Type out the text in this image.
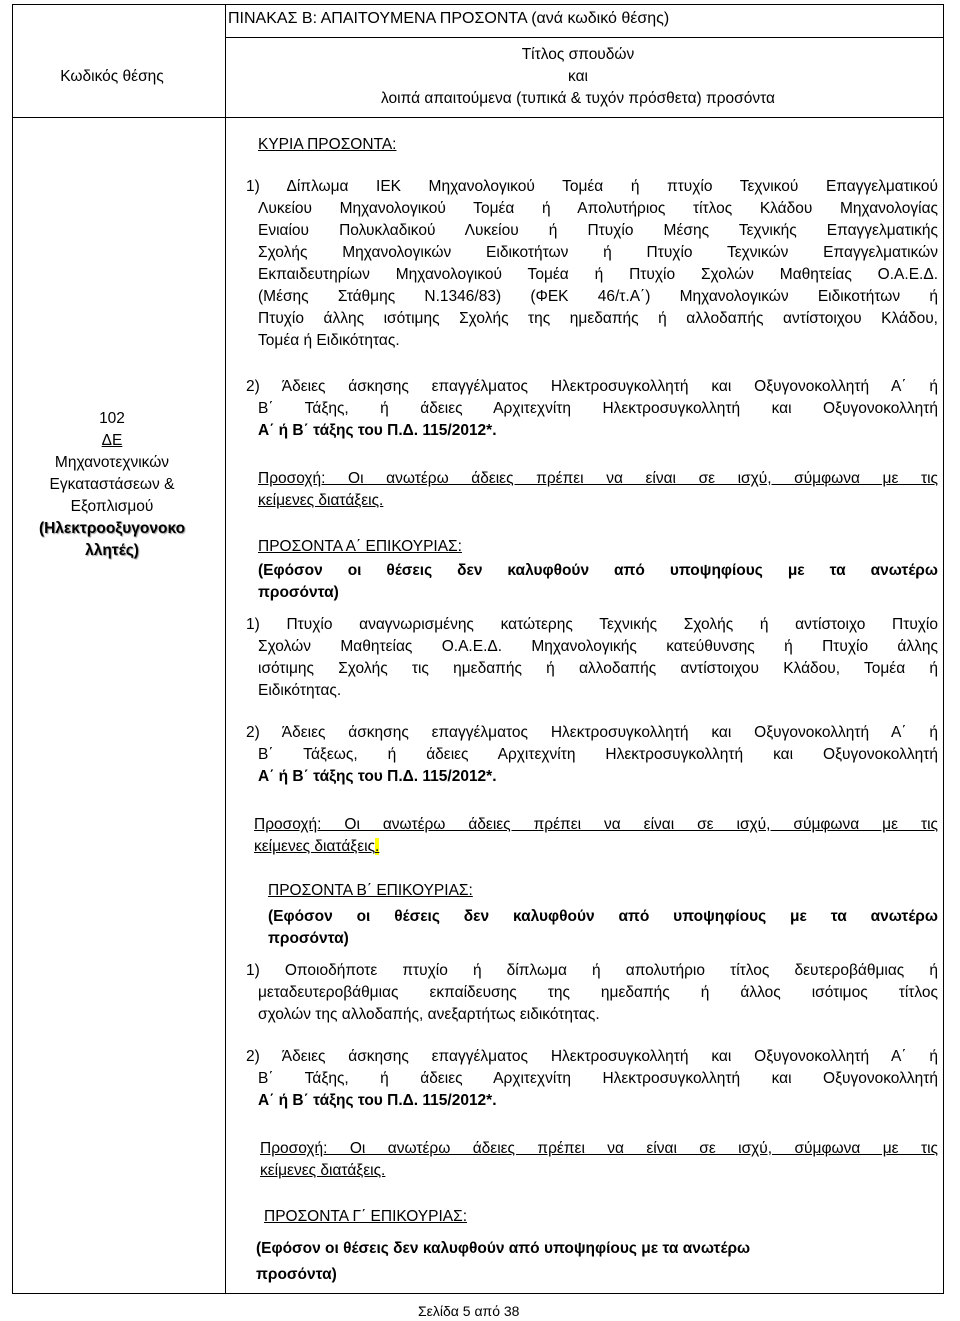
ΠΙΝΑΚΑΣ Β: ΑΠΑΙΤΟΥΜΕΝΑ ΠΡΟΣΟΝΤΑ (ανά κωδικό θέσης)
Κωδικός θέσης
Τίτλος σπουδών
και
λοιπά απαιτούμενα (τυπικά & τυχόν πρόσθετα) προσόντα
102
ΔΕ
Μηχανοτεχνικών
Εγκαταστάσεων &
Εξοπλισμού
(Ηλεκτροοξυγονοκο
λλητές)
ΚΥΡΙΑ ΠΡΟΣΟΝΤΑ:
1) Δίπλωμα ΙΕΚ Μηχανολογικού Τομέα ή πτυχίο Τεχνικού Επαγγελματικού
Λυκείου Μηχανολογικού Τομέα ή Απολυτήριος τίτλος Κλάδου Μηχανολογίας
Ενιαίου Πολυκλαδικού Λυκείου ή Πτυχίο Μέσης Τεχνικής Επαγγελματικής
Σχολής Μηχανολογικών Ειδικοτήτων ή Πτυχίο Τεχνικών Επαγγελματικών
Εκπαιδευτηρίων Μηχανολογικού Τομέα ή Πτυχίο Σχολών Μαθητείας Ο.Α.Ε.Δ.
(Μέσης Στάθμης Ν.1346/83) (ΦΕΚ 46/τ.Α΄) Μηχανολογικών Ειδικοτήτων ή
Πτυχίο άλλης ισότιμης Σχολής της ημεδαπής ή αλλοδαπής αντίστοιχου Κλάδου,
Τομέα ή Ειδικότητας.
2) Άδειες άσκησης επαγγέλματος Ηλεκτροσυγκολλητή και Οξυγονοκολλητή Α΄ ή
Β΄ Τάξης, ή άδειες Αρχιτεχνίτη Ηλεκτροσυγκολλητή και Οξυγονοκολλητή
Α΄ ή Β΄ τάξης του Π.Δ. 115/2012*.
Προσοχή: Οι ανωτέρω άδειες πρέπει να είναι σε ισχύ, σύμφωνα με τις
κείμενες διατάξεις.
ΠΡΟΣΟΝΤΑ Α΄ ΕΠΙΚΟΥΡΙΑΣ:
(Εφόσον οι θέσεις δεν καλυφθούν από υποψηφίους με τα ανωτέρω
προσόντα)
1) Πτυχίο αναγνωρισμένης κατώτερης Τεχνικής Σχολής ή αντίστοιχο Πτυχίο
Σχολών Μαθητείας Ο.Α.Ε.Δ. Μηχανολογικής κατεύθυνσης ή Πτυχίο άλλης
ισότιμης Σχολής τις ημεδαπής ή αλλοδαπής αντίστοιχου Κλάδου, Τομέα ή
Ειδικότητας.
2) Άδειες άσκησης επαγγέλματος Ηλεκτροσυγκολλητή και Οξυγονοκολλητή Α΄ ή
Β΄ Τάξεως, ή άδειες Αρχιτεχνίτη Ηλεκτροσυγκολλητή και Οξυγονοκολλητή
Α΄ ή Β΄ τάξης του Π.Δ. 115/2012*.
Προσοχή: Οι ανωτέρω άδειες πρέπει να είναι σε ισχύ, σύμφωνα με τις
κείμενες διατάξεις.
ΠΡΟΣΟΝΤΑ Β΄ ΕΠΙΚΟΥΡΙΑΣ:
(Εφόσον οι θέσεις δεν καλυφθούν από υποψηφίους με τα ανωτέρω
προσόντα)
1) Οποιοδήποτε πτυχίο ή δίπλωμα ή απολυτήριο τίτλος δευτεροβάθμιας ή
μεταδευτεροβάθμιας εκπαίδευσης της ημεδαπής ή άλλος ισότιμος τίτλος
σχολών της αλλοδαπής, ανεξαρτήτως ειδικότητας.
2) Άδειες άσκησης επαγγέλματος Ηλεκτροσυγκολλητή και Οξυγονοκολλητή Α΄ ή
Β΄ Τάξης, ή άδειες Αρχιτεχνίτη Ηλεκτροσυγκολλητή και Οξυγονοκολλητή
Α΄ ή Β΄ τάξης του Π.Δ. 115/2012*.
Προσοχή: Οι ανωτέρω άδειες πρέπει να είναι σε ισχύ, σύμφωνα με τις
κείμενες διατάξεις.
ΠΡΟΣΟΝΤΑ Γ΄ ΕΠΙΚΟΥΡΙΑΣ:
(Εφόσον οι θέσεις δεν καλυφθούν από υποψηφίους με τα ανωτέρω
προσόντα)
Σελίδα 5 από 38
